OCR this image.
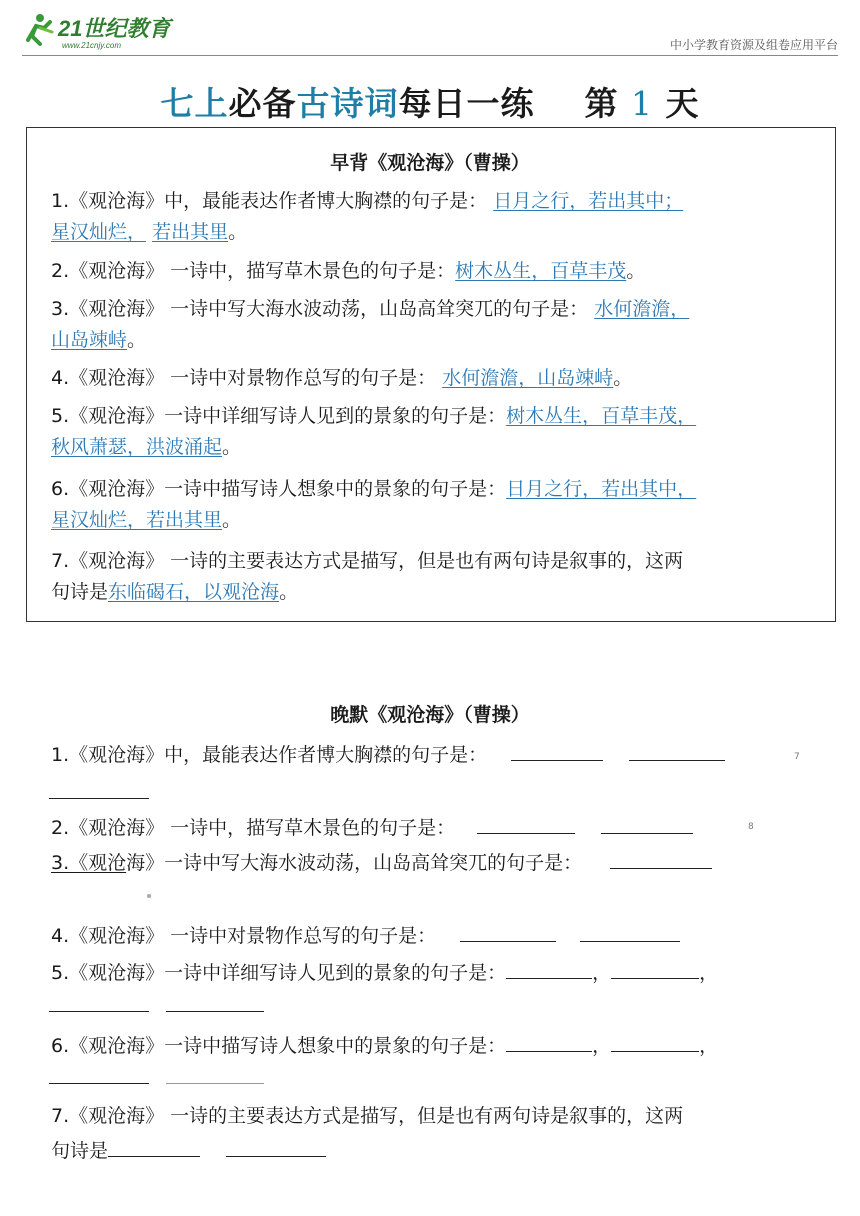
21世纪教育
www.21cnjy.com	中小学教育资源及组卷应用平台
七上必备古诗词每日一练 第 1 天
早背《观沧海》（曹操）
1.《观沧海》中，最能表达作者博大胸襟的句子是： 日月之行，若出其中；
星汉灿烂， 若出其里。
2.《观沧海》 一诗中，描写草木景色的句子是：树木丛生，百草丰茂。
3.《观沧海》 一诗中写大海水波动荡，山岛高耸突兀的句子是： 水何澹澹，
山岛竦峙。
4.《观沧海》 一诗中对景物作总写的句子是： 水何澹澹，山岛竦峙。
5.《观沧海》一诗中详细写诗人见到的景象的句子是：树木丛生，百草丰茂，
秋风萧瑟，洪波涌起。
6.《观沧海》一诗中描写诗人想象中的景象的句子是：日月之行，若出其中，
星汉灿烂，若出其里。
7.《观沧海》 一诗的主要表达方式是描写，但是也有两句诗是叙事的，这两
句诗是东临碣石，以观沧海。
晚默《观沧海》（曹操）
1.《观沧海》中，最能表达作者博大胸襟的句子是：	7
2.《观沧海》 一诗中，描写草木景色的句子是：	8
3.《观沧海》一诗中写大海水波动荡，山岛高耸突兀的句子是：
4.《观沧海》 一诗中对景物作总写的句子是：
5.《观沧海》一诗中详细写诗人见到的景象的句子是：	，	，
6.《观沧海》一诗中描写诗人想象中的景象的句子是：	，	，
7.《观沧海》 一诗的主要表达方式是描写，但是也有两句诗是叙事的，这两
句诗是
